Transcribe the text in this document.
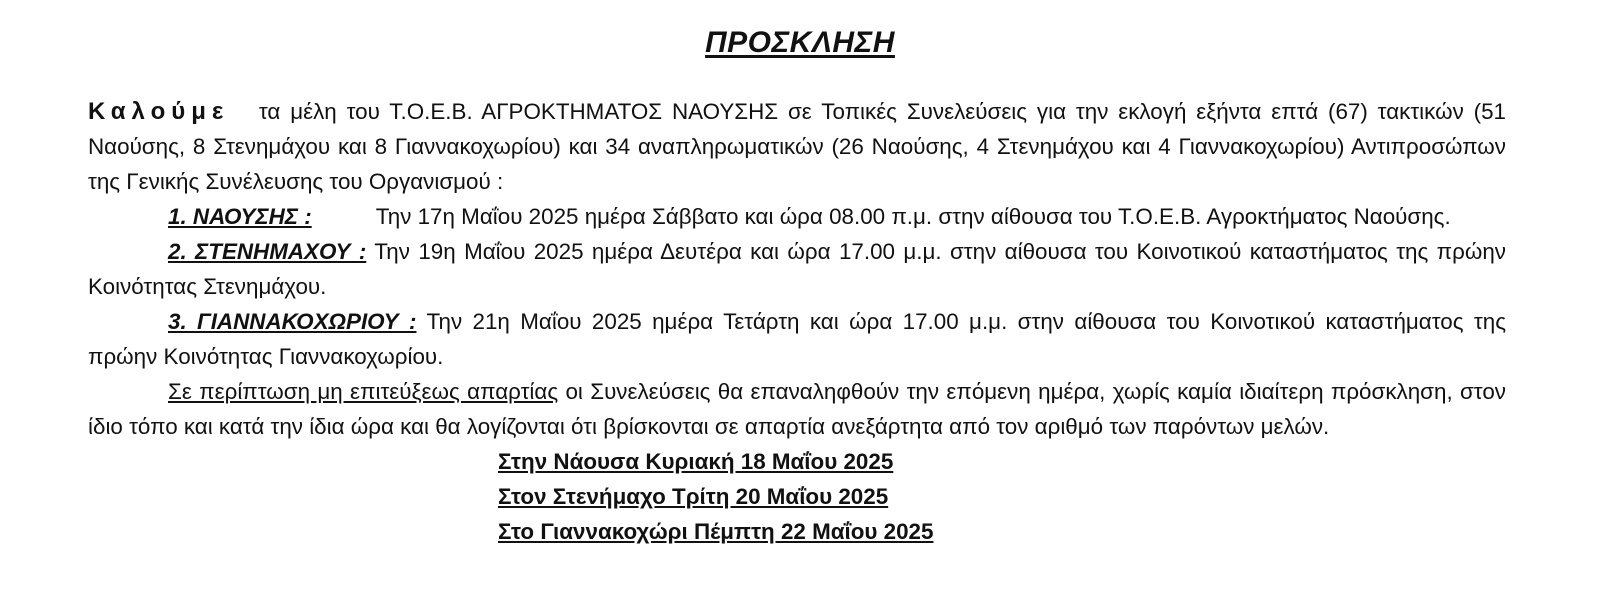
ΠΡΟΣΚΛΗΣΗ

Καλούμε τα μέλη του Τ.Ο.Ε.Β. ΑΓΡΟΚΤΗΜΑΤΟΣ ΝΑΟΥΣΗΣ σε Τοπικές Συνελεύσεις για την εκλογή εξήντα επτά (67) τακτικών (51 Ναούσης, 8 Στενημάχου και 8 Γιαννακοχωρίου) και 34 αναπληρωματικών (26 Ναούσης, 4 Στενημάχου και 4 Γιαννακοχωρίου) Αντιπροσώπων της Γενικής Συνέλευσης του Οργανισμού :

1. ΝΑΟΥΣΗΣ :	Την 17η Μαΐου 2025 ημέρα Σάββατο και ώρα 08.00 π.μ. στην αίθουσα του Τ.Ο.Ε.Β. Αγροκτήματος Ναούσης.

2. ΣΤΕΝΗΜΑΧΟΥ : Την 19η Μαΐου 2025 ημέρα Δευτέρα και ώρα 17.00 μ.μ. στην αίθουσα του Κοινοτικού καταστήματος της πρώην Κοινότητας Στενημάχου.

3. ΓΙΑΝΝΑΚΟΧΩΡΙΟΥ : Την 21η Μαΐου 2025 ημέρα Τετάρτη και ώρα 17.00 μ.μ. στην αίθουσα του Κοινοτικού καταστήματος της πρώην Κοινότητας Γιαννακοχωρίου.

Σε περίπτωση μη επιτεύξεως απαρτίας οι Συνελεύσεις θα επαναληφθούν την επόμενη ημέρα, χωρίς καμία ιδιαίτερη πρόσκληση, στον ίδιο τόπο και κατά την ίδια ώρα και θα λογίζονται ότι βρίσκονται σε απαρτία ανεξάρτητα από τον αριθμό των παρόντων μελών.

Στην Νάουσα Κυριακή 18 Μαΐου 2025
Στον Στενήμαχο Τρίτη 20 Μαΐου 2025
Στο Γιαννακοχώρι Πέμπτη 22 Μαΐου 2025
